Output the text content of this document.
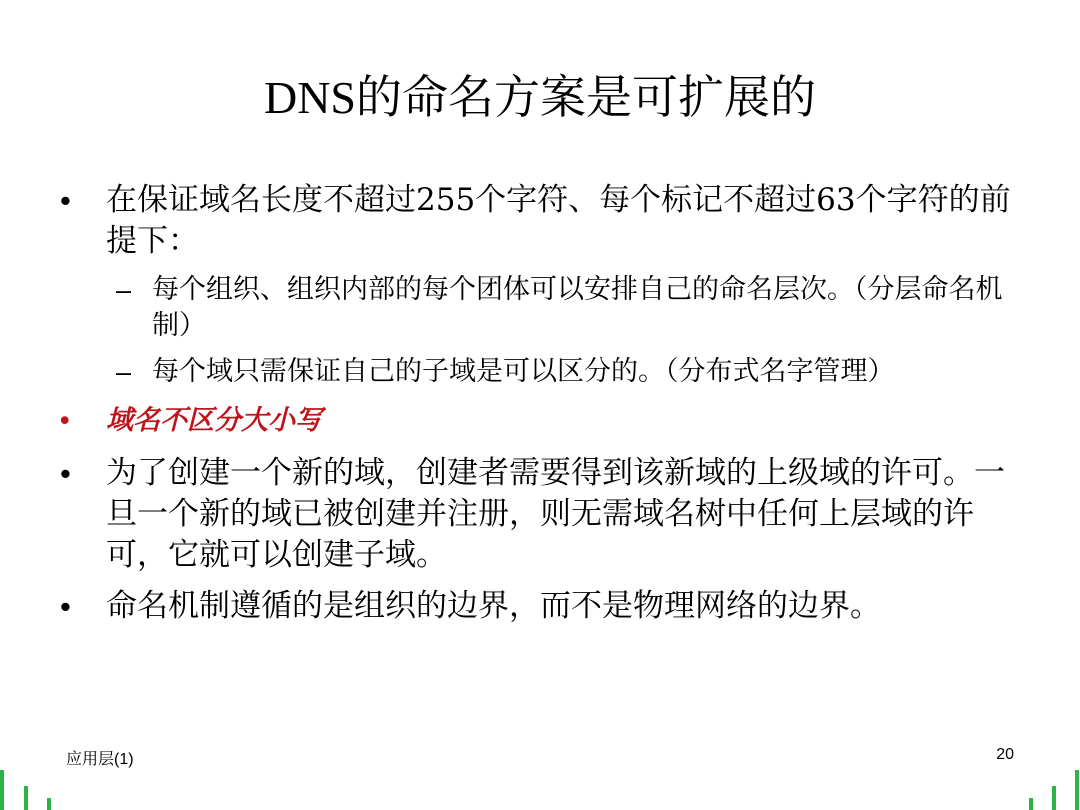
DNS的命名方案是可扩展的
• 在保证域名长度不超过255个字符、每个标记不超过63个字符的前提下：
– 每个组织、组织内部的每个团体可以安排自己的命名层次。（分层命名机制）
– 每个域只需保证自己的子域是可以区分的。（分布式名字管理）
•	域名不区分大小写
• 为了创建一个新的域，创建者需要得到该新域的上级域的许可。一旦一个新的域已被创建并注册，则无需域名树中任何上层域的许可，它就可以创建子域。
• 命名机制遵循的是组织的边界，而不是物理网络的边界。
应用层(1)	20
